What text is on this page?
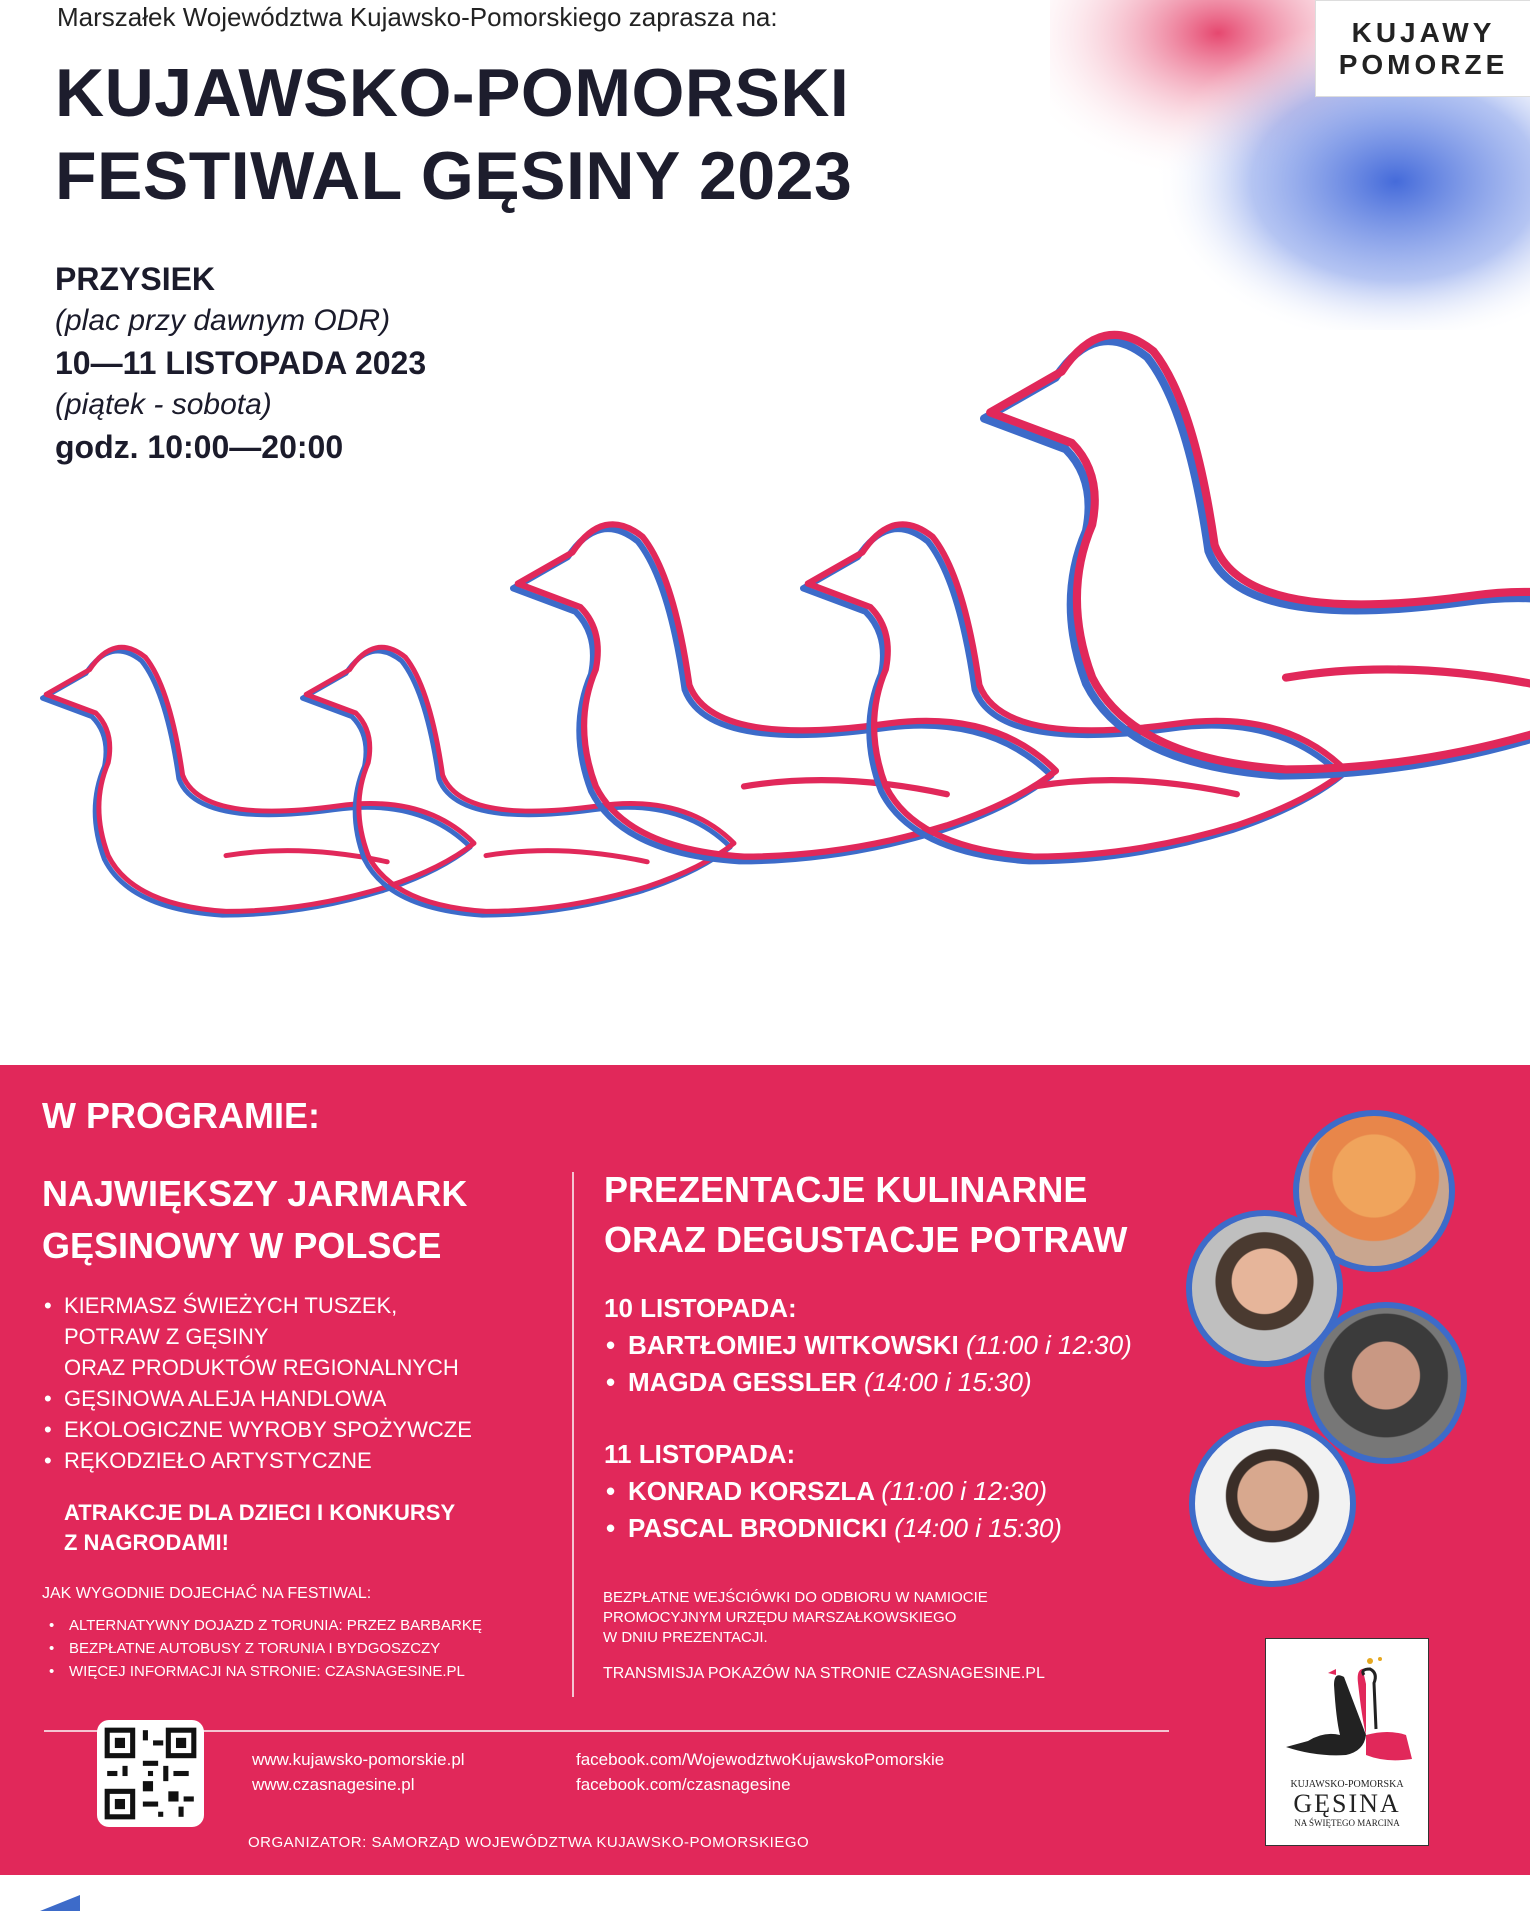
Marszałek Województwa Kujawsko-Pomorskiego zaprasza na:
KUJAWSKO-POMORSKI
FESTIWAL GĘSINY 2023
KUJAWY
POMORZE
PRZYSIEK
(plac przy dawnym ODR)
10—11 LISTOPADA 2023
(piątek - sobota)
godz. 10:00—20:00
W PROGRAMIE:
NAJWIĘKSZY JARMARK
GĘSINOWY W POLSCE
• KIERMASZ ŚWIEŻYCH TUSZEK,
POTRAW Z GĘSINY
ORAZ PRODUKTÓW REGIONALNYCH
• GĘSINOWA ALEJA HANDLOWA
• EKOLOGICZNE WYROBY SPOŻYWCZE
• RĘKODZIEŁO ARTYSTYCZNE
ATRAKCJE DLA DZIECI I KONKURSY
Z NAGRODAMI!
JAK WYGODNIE DOJECHAĆ NA FESTIWAL:
• ALTERNATYWNY DOJAZD Z TORUNIA: PRZEZ BARBARKĘ
• BEZPŁATNE AUTOBUSY Z TORUNIA I BYDGOSZCZY
• WIĘCEJ INFORMACJI NA STRONIE: CZASNAGESINE.PL
PREZENTACJE KULINARNE
ORAZ DEGUSTACJE POTRAW
10 LISTOPADA:
• BARTŁOMIEJ WITKOWSKI (11:00 i 12:30)
• MAGDA GESSLER (14:00 i 15:30)
11 LISTOPADA:
• KONRAD KORSZLA (11:00 i 12:30)
• PASCAL BRODNICKI (14:00 i 15:30)
BEZPŁATNE WEJŚCIÓWKI DO ODBIORU W NAMIOCIE
PROMOCYJNYM URZĘDU MARSZAŁKOWSKIEGO
W DNIU PREZENTACJI.
TRANSMISJA POKAZÓW NA STRONIE CZASNAGESINE.PL
www.kujawsko-pomorskie.pl
www.czasnagesine.pl
facebook.com/WojewodztwoKujawskoPomorskie
facebook.com/czasnagesine
ORGANIZATOR: SAMORZĄD WOJEWÓDZTWA KUJAWSKO-POMORSKIEGO
KUJAWSKO-POMORSKA
GĘSINA
NA ŚWIĘTEGO MARCINA
